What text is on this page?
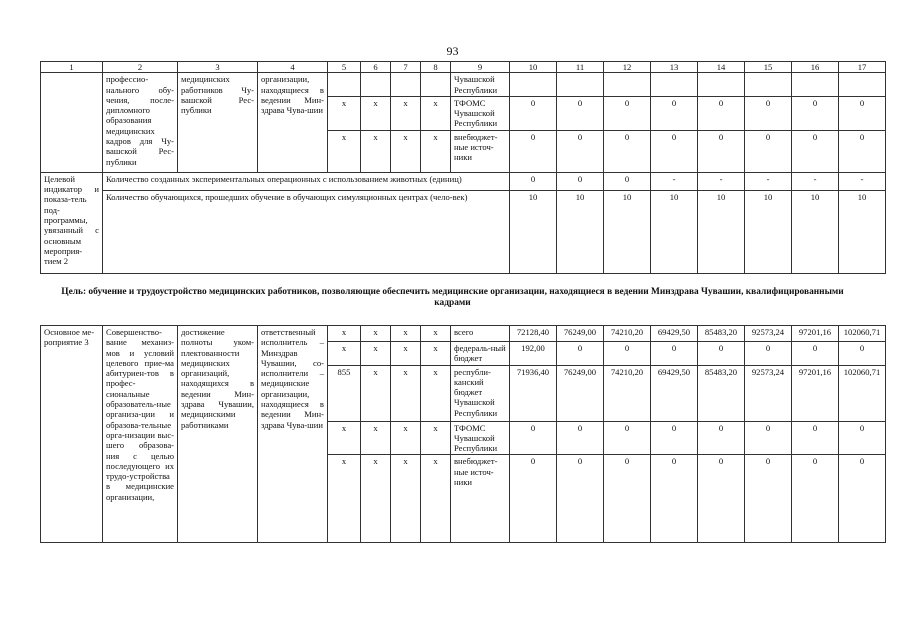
93
1	2	3	4	5	6	7	8	9	10	11	12	13	14	15	16	17
	профессио-нального обу-чения, после-дипломного образования медицинских кадров для Чу-вашской Рес-публики	медицинских работников Чу-вашской Рес-публики	организации, находящиеся в ведении Мин-здрава Чува-шии					Чувашской Республики								
				x	x	x	x	ТФОМС Чувашской Республики	0	0	0	0	0	0	0	0
				x	x	x	x	внебюджет-ные источ-ники	0	0	0	0	0	0	0	0
Целевой индикатор и показа-тель под-программы, увязанный с основным мероприя-тием 2	Количество созданных экспериментальных операционных с использованием животных (единиц)								0	0	0	-	-	-	-	-
	Количество обучающихся, прошедших обучение в обучающих симуляционных центрах (чело-век)								10	10	10	10	10	10	10	10
Цель: обучение и трудоустройство медицинских работников, позволяющие обеспечить медицинские организации, находящиеся в ведении Минздрава Чувашии, квалифицированными кадрами
Основное ме-роприятие 3	Совершенство-вание механиз-мов и условий целевого прие-ма абитуриен-тов в профес-сиональные образователь-ные организа-ции и образова-тельные орга-низации выс-шего образова-ния с целью последующего их трудо-устройства в медицинские организации,	достижение полноты уком-плектованности медицинских организаций, находящихся в ведении Мин-здрава Чувашии, медицинскими работниками	ответственный исполнитель – Минздрав Чувашии, со-исполнители – медицинские организации, находящиеся в ведении Мин-здрава Чува-шии	x	x	x	x	всего	72128,40	76249,00	74210,20	69429,50	85483,20	92573,24	97201,16	102060,71
				x	x	x	x	федераль-ный бюджет	192,00	0	0	0	0	0	0	0
				855	x	x	x	республи-канский бюджет Чувашской Республики	71936,40	76249,00	74210,20	69429,50	85483,20	92573,24	97201,16	102060,71
				x	x	x	x	ТФОМС Чувашской Республики	0	0	0	0	0	0	0	0
				x	x	x	x	внебюджет-ные источ-ники	0	0	0	0	0	0	0	0
